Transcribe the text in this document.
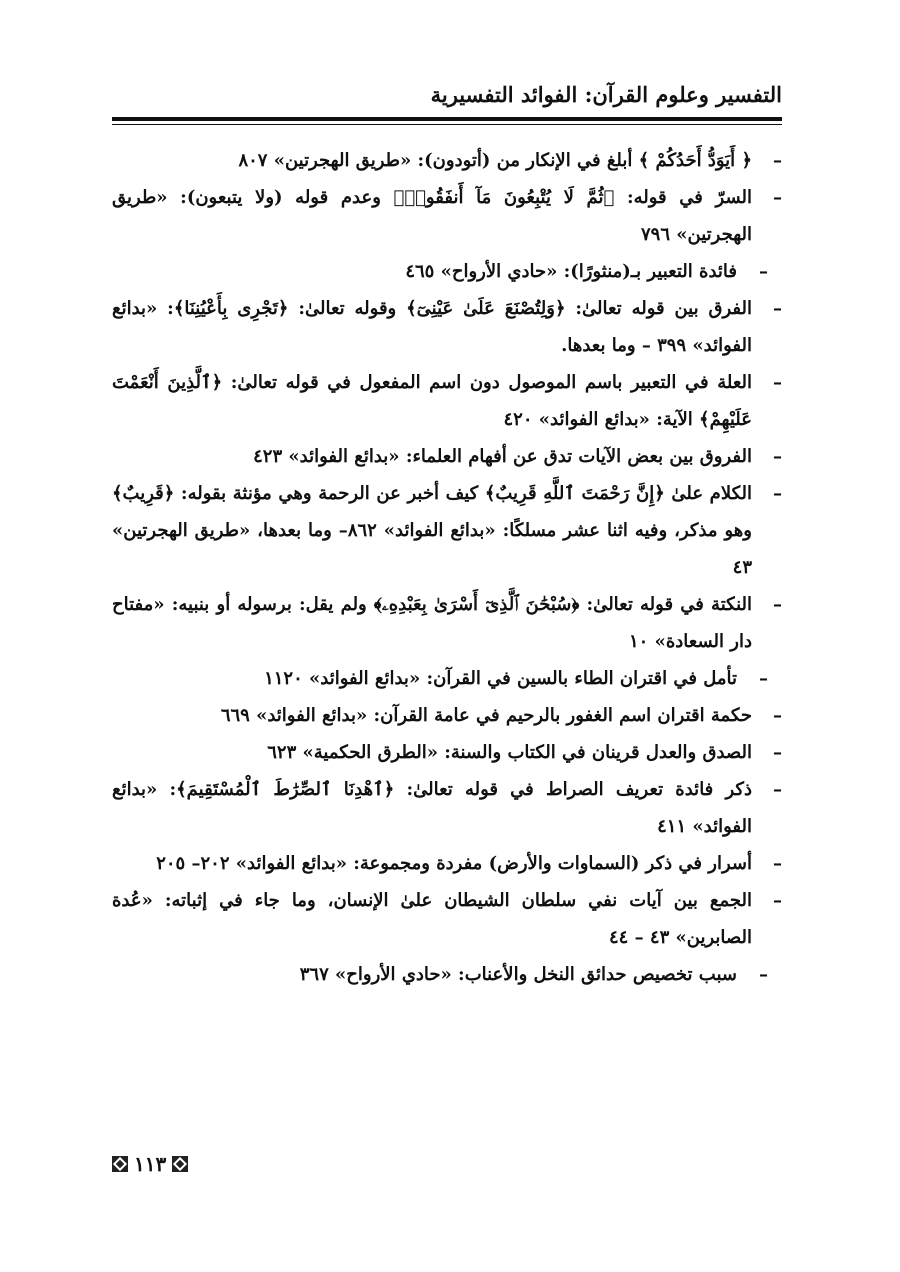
التفسير وعلوم القرآن: الفوائد التفسيرية
–
﴿ أَيَوَدُّ أَحَدُكُمْ ﴾ أبلغ في الإنكار من (أتودون): «طريق الهجرتين» ٨٠٧
–
السرّ في قوله: ﴿ثُمَّ لَا يُتْبِعُونَ مَآ أَنفَقُوا۟﴾ وعدم قوله (ولا يتبعون): «طريق الهجرتين» ٧٩٦
–
فائدة التعبير بـ(منثورًا): «حادي الأرواح» ٤٦٥
–
الفرق بين قوله تعالىٰ: ﴿وَلِتُصْنَعَ عَلَىٰ عَيْنِىٓ﴾ وقوله تعالىٰ: ﴿تَجْرِى بِأَعْيُنِنَا﴾: «بدائع الفوائد» ٣٩٩ – وما بعدها.
–
العلة في التعبير باسم الموصول دون اسم المفعول في قوله تعالىٰ: ﴿ٱلَّذِينَ أَنْعَمْتَ عَلَيْهِمْ﴾ الآية: «بدائع الفوائد» ٤٢٠
–
الفروق بين بعض الآيات تدق عن أفهام العلماء: «بدائع الفوائد» ٤٢٣
–
الكلام علىٰ ﴿إِنَّ رَحْمَتَ ٱللَّهِ قَرِيبٌ﴾ كيف أخبر عن الرحمة وهي مؤنثة بقوله: ﴿قَرِيبٌ﴾ وهو مذكر، وفيه اثنا عشر مسلكًا: «بدائع الفوائد» ٨٦٢– وما بعدها، «طريق الهجرتين» ٤٣
–
النكتة في قوله تعالىٰ: ﴿سُبْحَٰنَ ٱلَّذِىٓ أَسْرَىٰ بِعَبْدِهِۦ﴾ ولم يقل: برسوله أو بنبيه: «مفتاح دار السعادة» ١٠
–
تأمل في اقتران الطاء بالسين في القرآن: «بدائع الفوائد» ١١٢٠
–
حكمة اقتران اسم الغفور بالرحيم في عامة القرآن: «بدائع الفوائد» ٦٦٩
–
الصدق والعدل قرينان في الكتاب والسنة: «الطرق الحكمية» ٦٢٣
–
ذكر فائدة تعريف الصراط في قوله تعالىٰ: ﴿ٱهْدِنَا ٱلصِّرَٰطَ ٱلْمُسْتَقِيمَ﴾: «بدائع الفوائد» ٤١١
–
أسرار في ذكر (السماوات والأرض) مفردة ومجموعة: «بدائع الفوائد» ٢٠٢– ٢٠٥
–
الجمع بين آيات نفي سلطان الشيطان علىٰ الإنسان، وما جاء في إثباته: «عُدة الصابرين» ٤٣ – ٤٤
–
سبب تخصيص حدائق النخل والأعناب: «حادي الأرواح» ٣٦٧
١١٣
